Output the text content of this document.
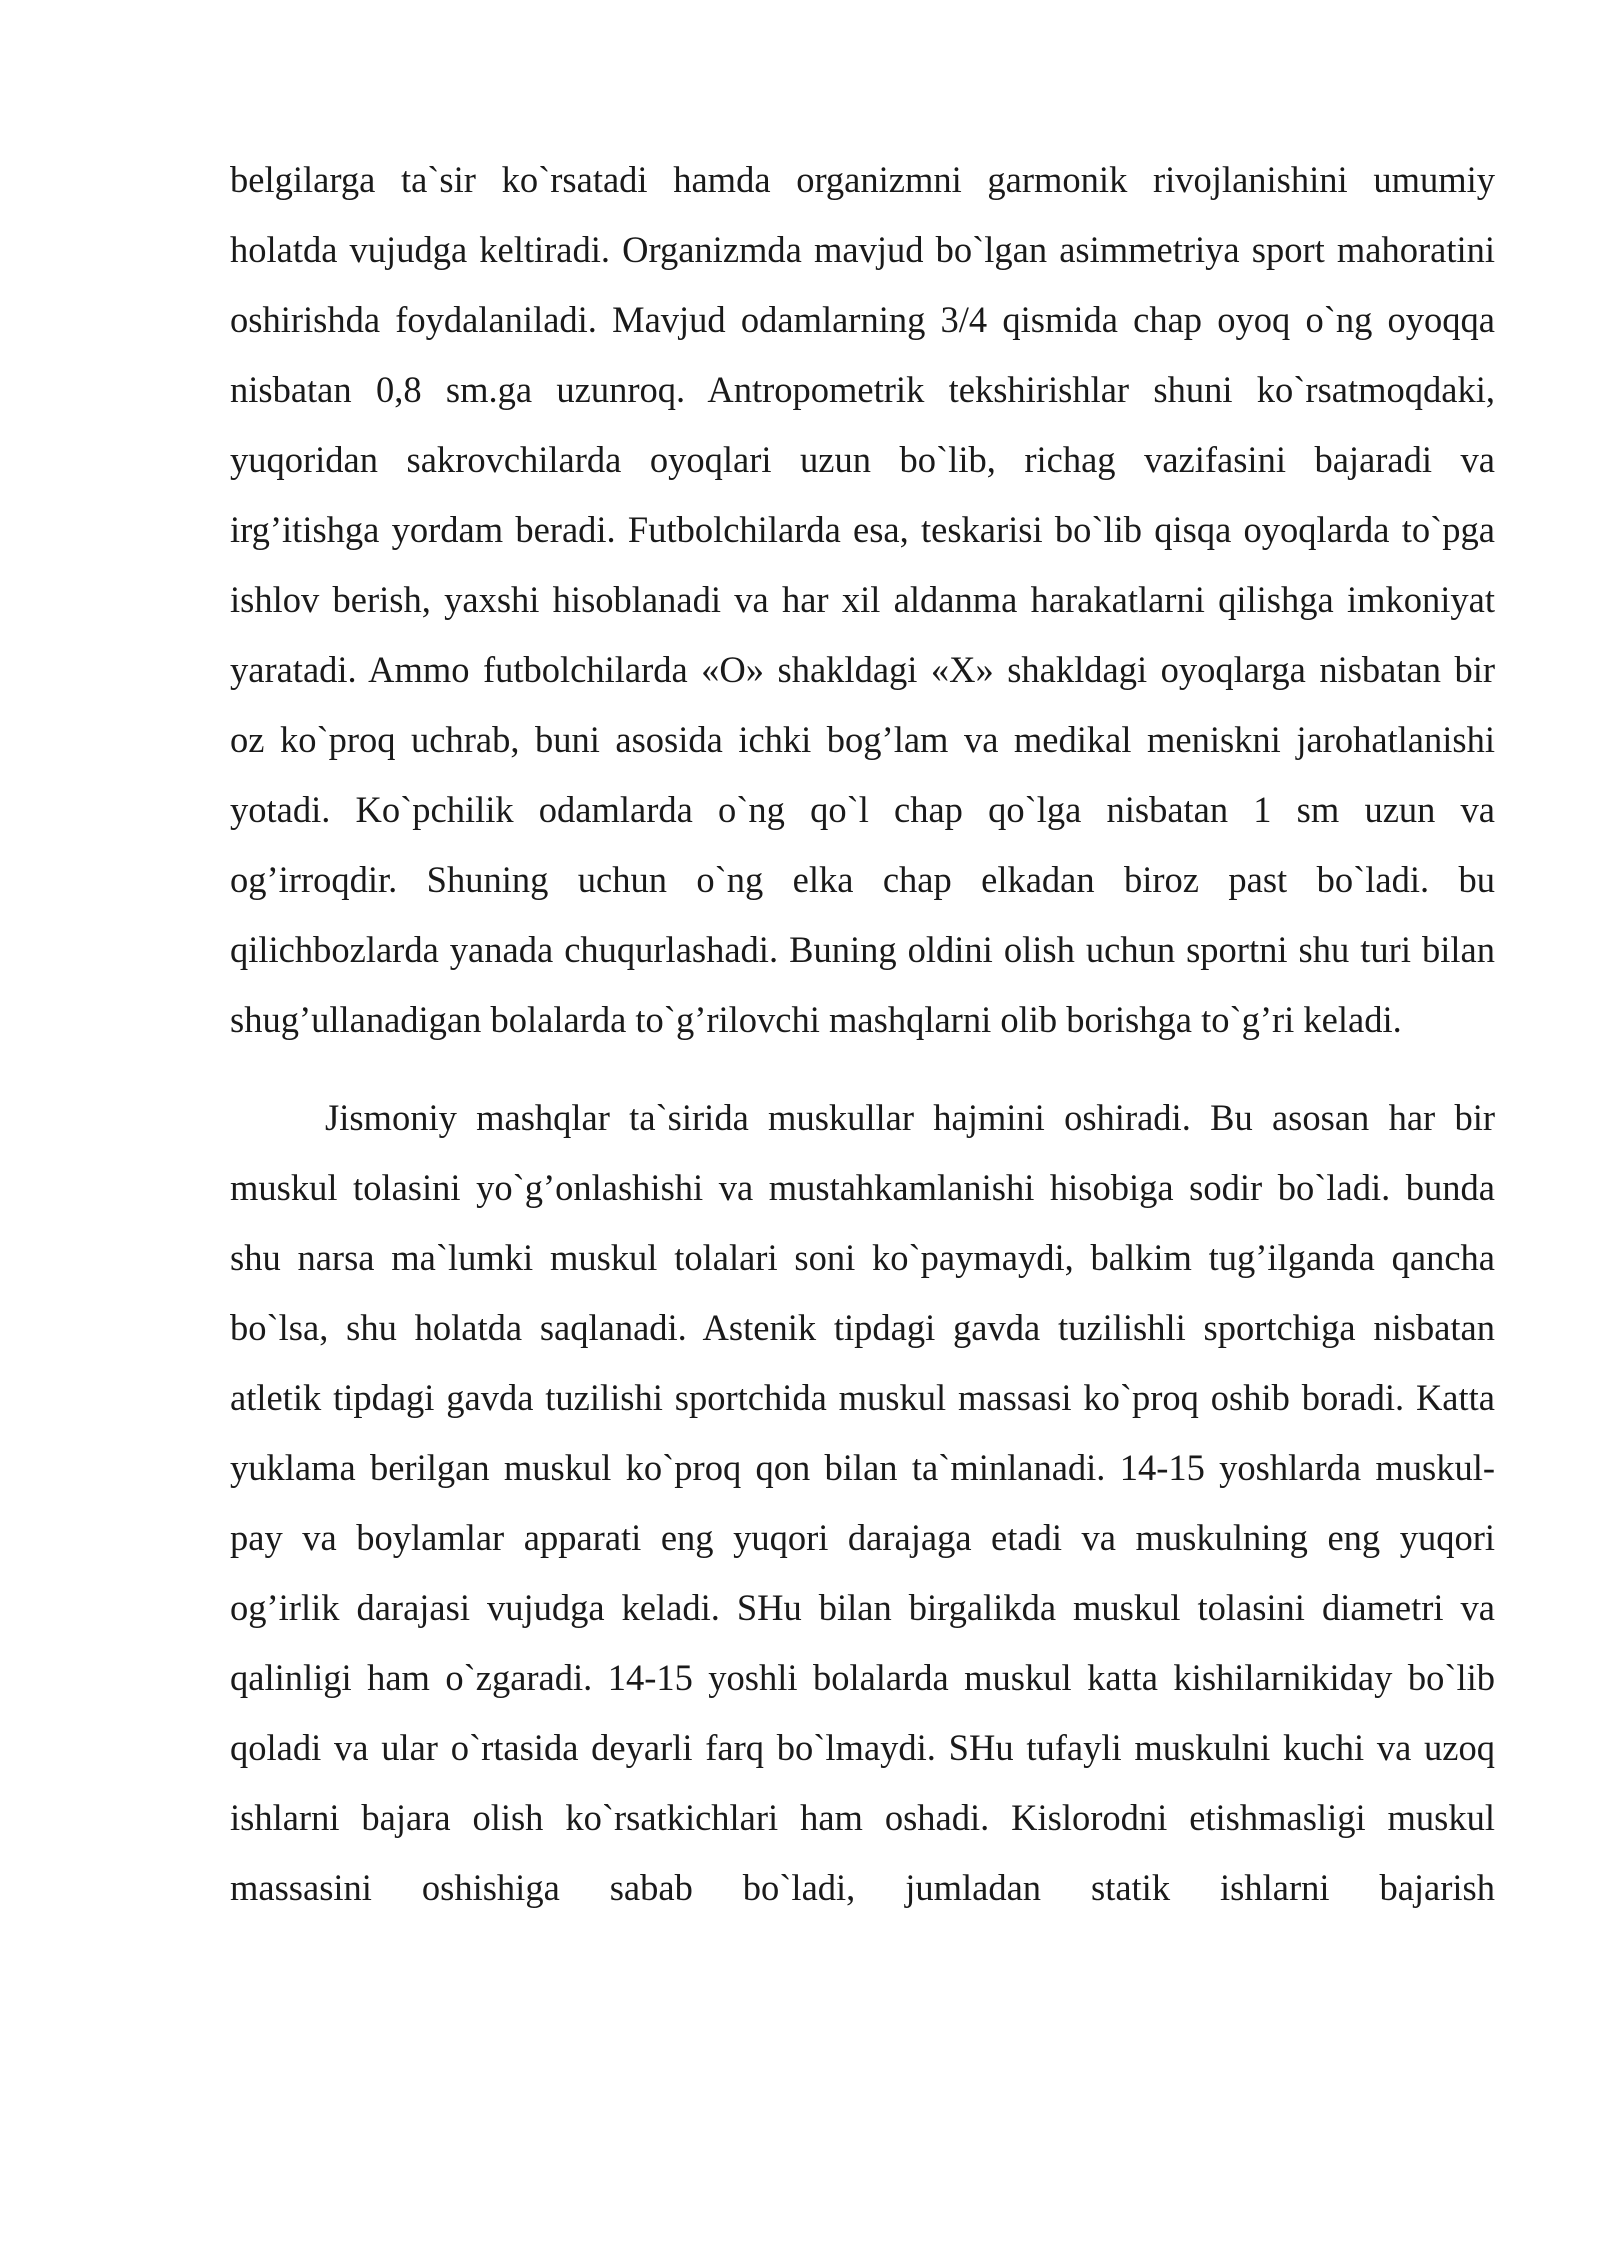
belgilarga ta`sir ko`rsatadi hamda organizmni garmonik rivojlanishini umumiy holatda vujudga keltiradi. Organizmda mavjud bo`lgan asimmetriya sport mahoratini oshirishda foydalaniladi. Mavjud odamlarning 3/4 qismida chap oyoq o`ng oyoqqa nisbatan 0,8 sm.ga uzunroq. Antropometrik tekshirishlar shuni ko`rsatmoqdaki, yuqoridan sakrovchilarda oyoqlari uzun bo`lib, richag vazifasini bajaradi va irg’itishga yordam beradi. Futbolchilarda esa, teskarisi bo`lib qisqa oyoqlarda to`pga ishlov berish, yaxshi hisoblanadi va har xil aldanma harakatlarni qilishga imkoniyat yaratadi. Ammo futbolchilarda «O» shakldagi «X» shakldagi oyoqlarga nisbatan bir oz ko`proq uchrab, buni asosida ichki bog’lam va medikal meniskni jarohatlanishi yotadi. Ko`pchilik odamlarda o`ng qo`l chap qo`lga nisbatan 1 sm uzun va og’irroqdir. Shuning uchun o`ng elka chap elkadan biroz past bo`ladi. bu qilichbozlarda yanada chuqurlashadi. Buning oldini olish uchun sportni shu turi bilan shug’ullanadigan bolalarda to`g’rilovchi mashqlarni olib borishga to`g’ri keladi.

Jismoniy mashqlar ta`sirida muskullar hajmini oshiradi. Bu asosan har bir muskul tolasini yo`g’onlashishi va mustahkamlanishi hisobiga sodir bo`ladi. bunda shu narsa ma`lumki muskul tolalari soni ko`paymaydi, balkim tug’ilganda qancha bo`lsa, shu holatda saqlanadi. Astenik tipdagi gavda tuzilishli sportchiga nisbatan atletik tipdagi gavda tuzilishi sportchida muskul massasi ko`proq oshib boradi. Katta yuklama berilgan muskul ko`proq qon bilan ta`minlanadi. 14-15 yoshlarda muskul-pay va boylamlar apparati eng yuqori darajaga etadi va muskulning eng yuqori og’irlik darajasi vujudga keladi. SHu bilan birgalikda muskul tolasini diametri va qalinligi ham o`zgaradi. 14-15 yoshli bolalarda muskul katta kishilarnikiday bo`lib qoladi va ular o`rtasida deyarli farq bo`lmaydi. SHu tufayli muskulni kuchi va uzoq ishlarni bajara olish ko`rsatkichlari ham oshadi. Kislorodni etishmasligi muskul massasini oshishiga sabab bo`ladi, jumladan statik ishlarni bajarish
